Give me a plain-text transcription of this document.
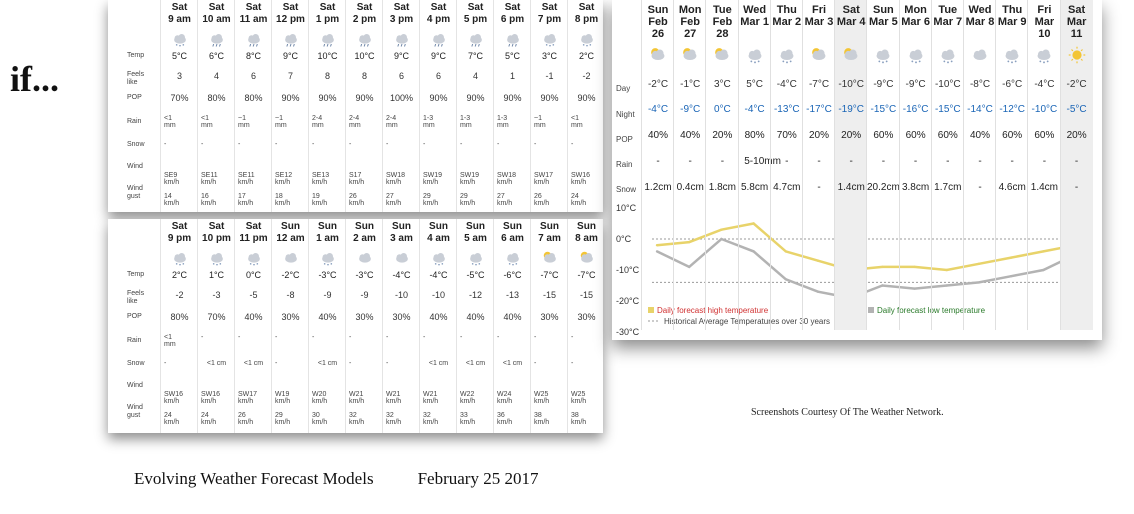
if...
Temp
Feels like
POP
Rain
Snow
Wind
Wind gust
Sat
9 am
5°C
3
70%
<1 mm
-
SE9 km/h
14 km/h
Sat
10 am
6°C
4
80%
<1 mm
-
SE11 km/h
16 km/h
Sat
11 am
8°C
6
80%
~1 mm
-
SE11 km/h
17 km/h
Sat
12 pm
9°C
7
90%
~1 mm
-
SE12 km/h
18 km/h
Sat
1 pm
10°C
8
90%
2-4 mm
-
SE13 km/h
19 km/h
Sat
2 pm
10°C
8
90%
2-4 mm
-
S17 km/h
26 km/h
Sat
3 pm
9°C
6
100%
2-4 mm
-
SW18 km/h
27 km/h
Sat
4 pm
9°C
6
90%
1-3 mm
-
SW19 km/h
29 km/h
Sat
5 pm
7°C
4
90%
1-3 mm
-
SW19 km/h
29 km/h
Sat
6 pm
5°C
1
90%
1-3 mm
-
SW18 km/h
27 km/h
Sat
7 pm
3°C
-1
90%
~1 mm
-
SW17 km/h
26 km/h
Sat
8 pm
2°C
-2
90%
<1 mm
-
SW16 km/h
24 km/h
Temp
Feels like
POP
Rain
Snow
Wind
Wind gust
Sat
9 pm
2°C
-2
80%
<1 mm
-
SW16 km/h
24 km/h
Sat
10 pm
1°C
-3
70%
-
<1 cm
SW16 km/h
24 km/h
Sat
11 pm
0°C
-5
40%
-
<1 cm
SW17 km/h
26 km/h
Sun
12 am
-2°C
-8
30%
-
-
W19 km/h
29 km/h
Sun
1 am
-3°C
-9
40%
-
<1 cm
W20 km/h
30 km/h
Sun
2 am
-3°C
-9
30%
-
-
W21 km/h
32 km/h
Sun
3 am
-4°C
-10
30%
-
-
W21 km/h
32 km/h
Sun
4 am
-4°C
-10
40%
-
<1 cm
W21 km/h
32 km/h
Sun
5 am
-5°C
-12
40%
-
<1 cm
W22 km/h
33 km/h
Sun
6 am
-6°C
-13
40%
-
<1 cm
W24 km/h
36 km/h
Sun
7 am
-7°C
-15
30%
-
-
W25 km/h
38 km/h
Sun
8 am
-7°C
-15
30%
-
-
W25 km/h
38 km/h
10°C
0°C
-10°C
-20°C
-30°C
Daily forecast high temperature	Daily forecast low temperature
Historical Average Temperatures over 30 years
Day
Night
POP
Rain
Snow
Sun
Feb 26
-2°C
-4°C
40%
-
1.2cm
Mon
Feb 27
-1°C
-9°C
40%
-
0.4cm
Tue
Feb 28
3°C
0°C
20%
-
1.8cm
Wed
Mar 1
5°C
-4°C
80%
5-10mm
5.8cm
Thu
Mar 2
-4°C
-13°C
70%
-
4.7cm
Fri
Mar 3
-7°C
-17°C
20%
-
-
Sat
Mar 4
-10°C
-19°C
20%
-
1.4cm
Sun
Mar 5
-9°C
-15°C
60%
-
20.2cm
Mon
Mar 6
-9°C
-16°C
60%
-
3.8cm
Tue
Mar 7
-10°C
-15°C
60%
-
1.7cm
Wed
Mar 8
-8°C
-14°C
40%
-
-
Thu
Mar 9
-6°C
-12°C
60%
-
4.6cm
Fri
Mar 10
-4°C
-10°C
60%
-
1.4cm
Sat
Mar 11
-2°C
-5°C
20%
-
-
Screenshots Courtesy Of The Weather Network.
Evolving Weather Forecast Models	February 25 2017
